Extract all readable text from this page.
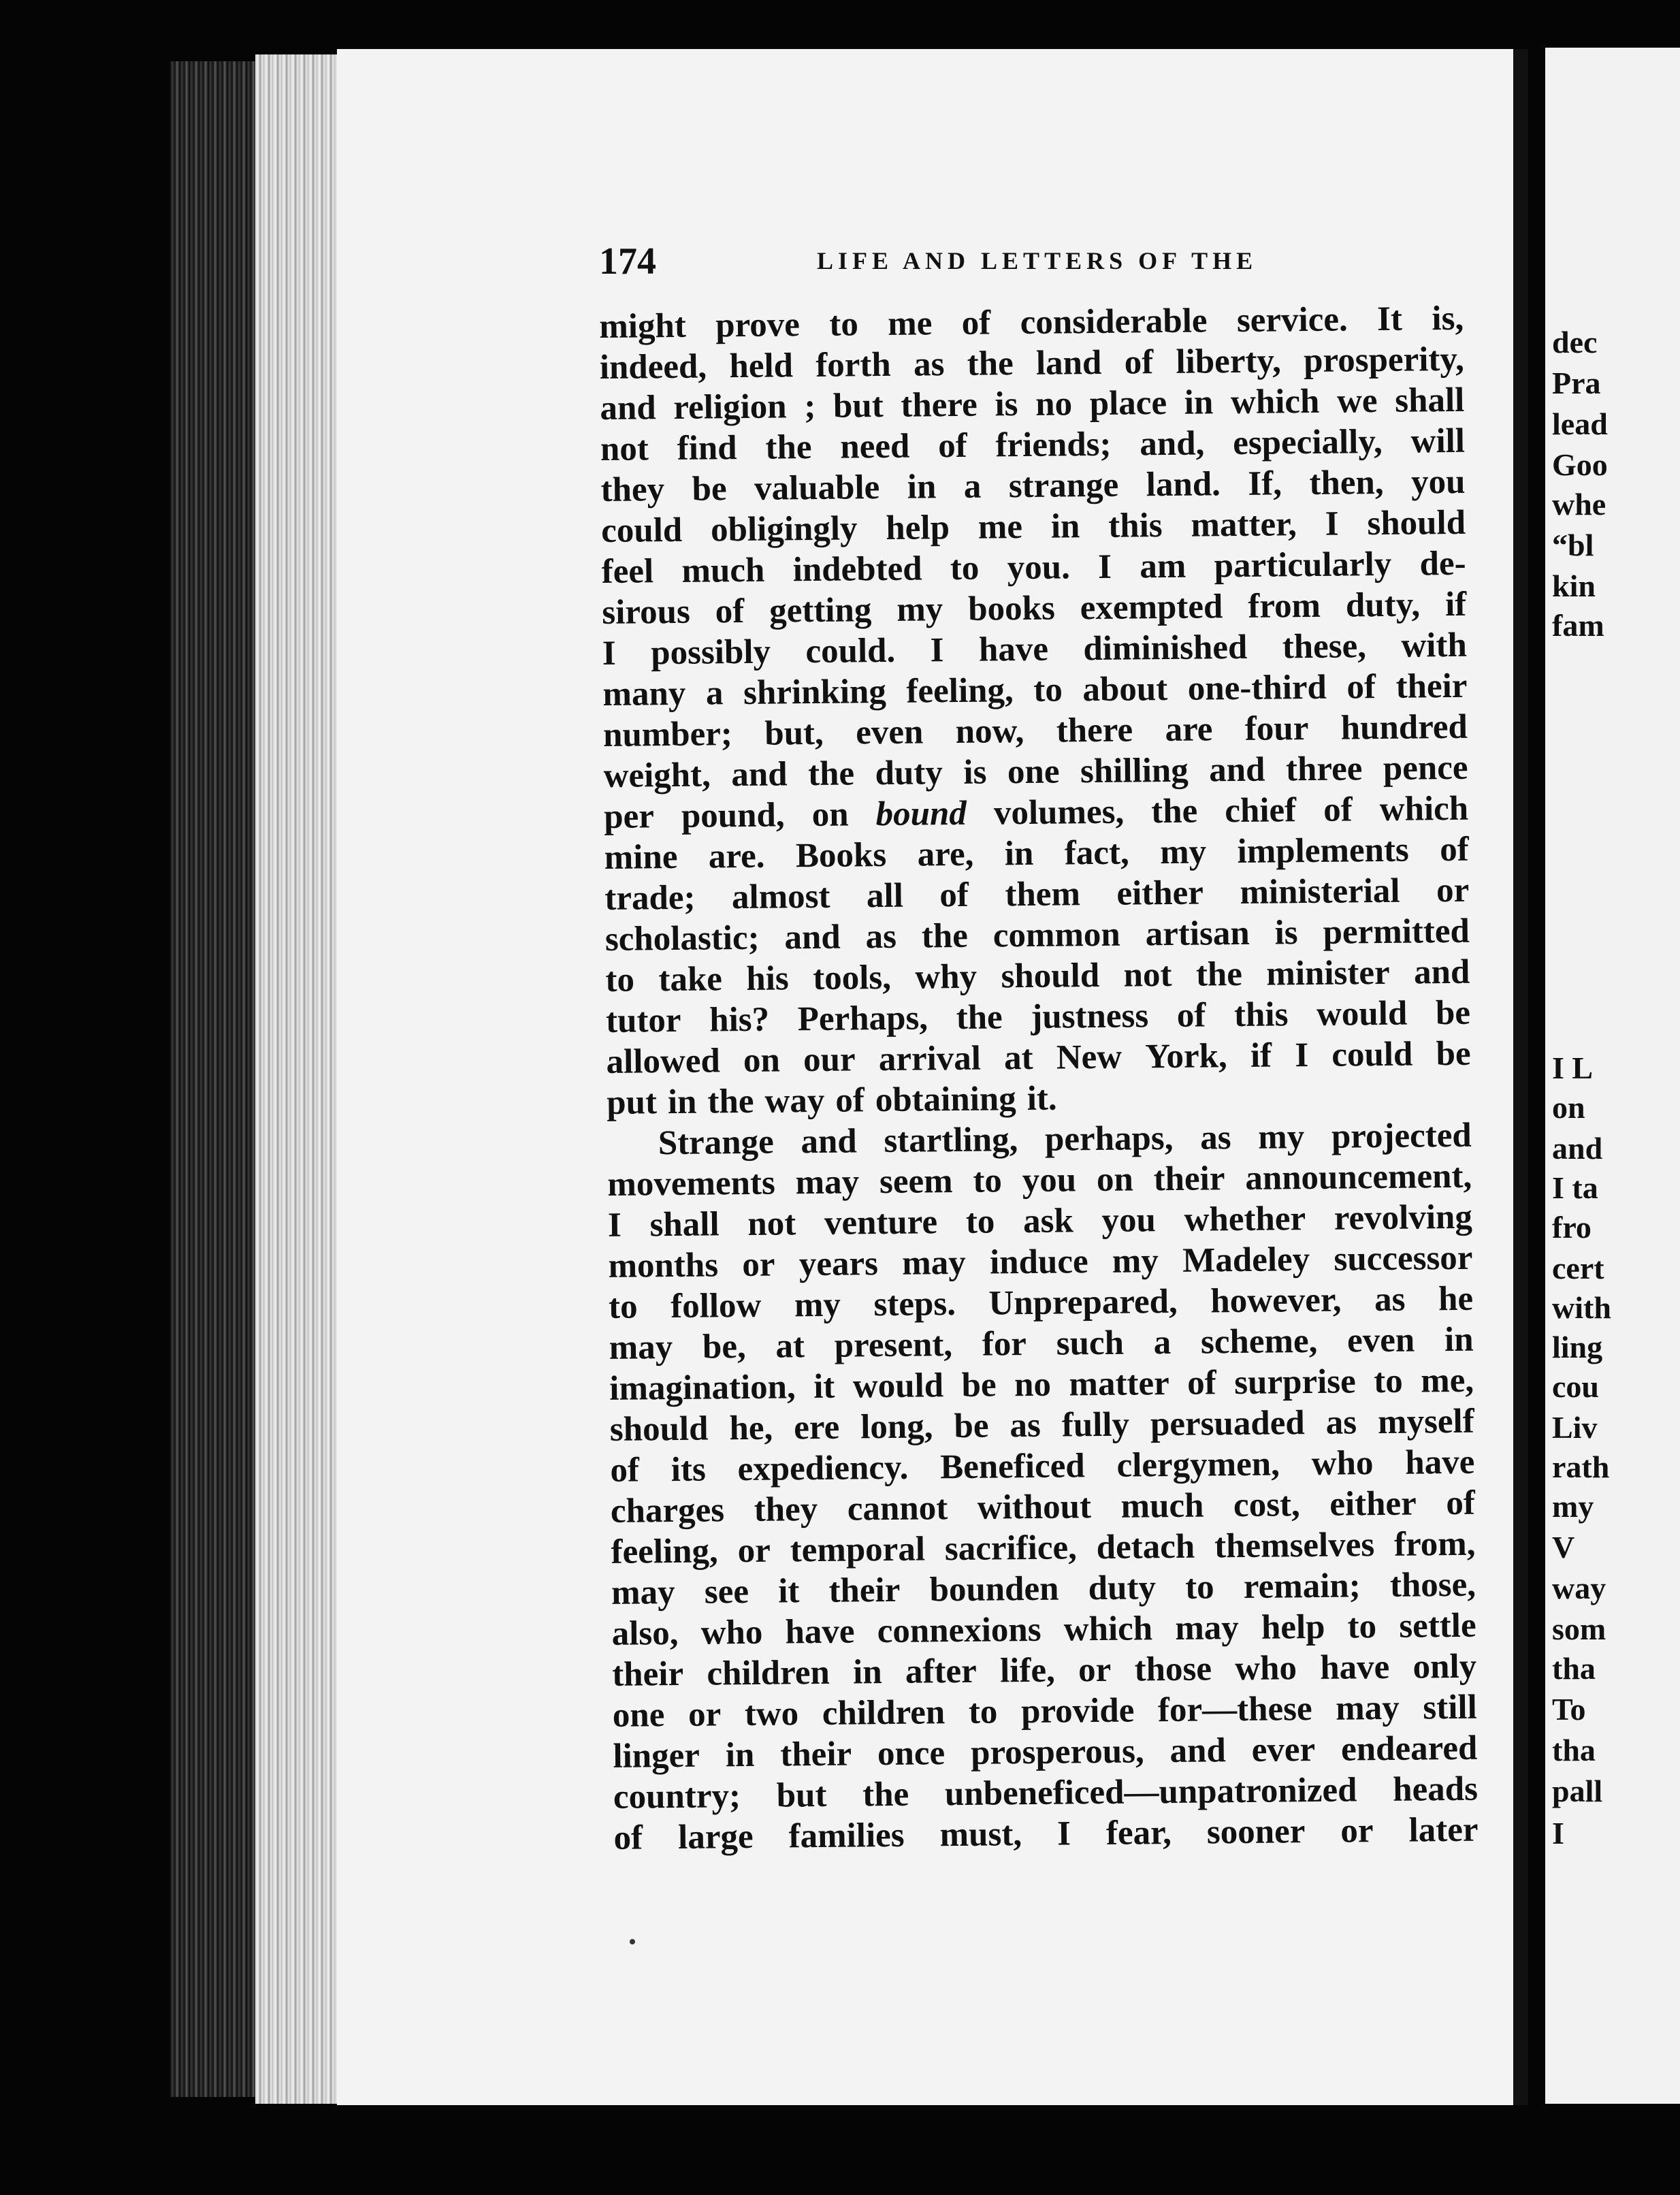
174	LIFE AND LETTERS OF THE
might prove to me of considerable service. It is,
indeed, held forth as the land of liberty, prosperity,
and religion ; but there is no place in which we shall
not find the need of friends; and, especially, will
they be valuable in a strange land. If, then, you
could obligingly help me in this matter, I should
feel much indebted to you. I am particularly de-
sirous of getting my books exempted from duty, if
I possibly could. I have diminished these, with
many a shrinking feeling, to about one-third of their
number; but, even now, there are four hundred
weight, and the duty is one shilling and three pence
per pound, on bound volumes, the chief of which
mine are. Books are, in fact, my implements of
trade; almost all of them either ministerial or
scholastic; and as the common artisan is permitted
to take his tools, why should not the minister and
tutor his? Perhaps, the justness of this would be
allowed on our arrival at New York, if I could be
put in the way of obtaining it.
Strange and startling, perhaps, as my projected
movements may seem to you on their announcement,
I shall not venture to ask you whether revolving
months or years may induce my Madeley successor
to follow my steps. Unprepared, however, as he
may be, at present, for such a scheme, even in
imagination, it would be no matter of surprise to me,
should he, ere long, be as fully persuaded as myself
of its expediency. Beneficed clergymen, who have
charges they cannot without much cost, either of
feeling, or temporal sacrifice, detach themselves from,
may see it their bounden duty to remain; those,
also, who have connexions which may help to settle
their children in after life, or those who have only
one or two children to provide for—these may still
linger in their once prosperous, and ever endeared
country; but the unbeneficed—unpatronized heads
of large families must, I fear, sooner or later
dec
Pra
lead
Goo
whe
“bl
kin
fam
I L
on
and
I ta
fro
cert
with
ling
cou
Liv
rath
my
V
way
som
tha
To
tha
pall
I
